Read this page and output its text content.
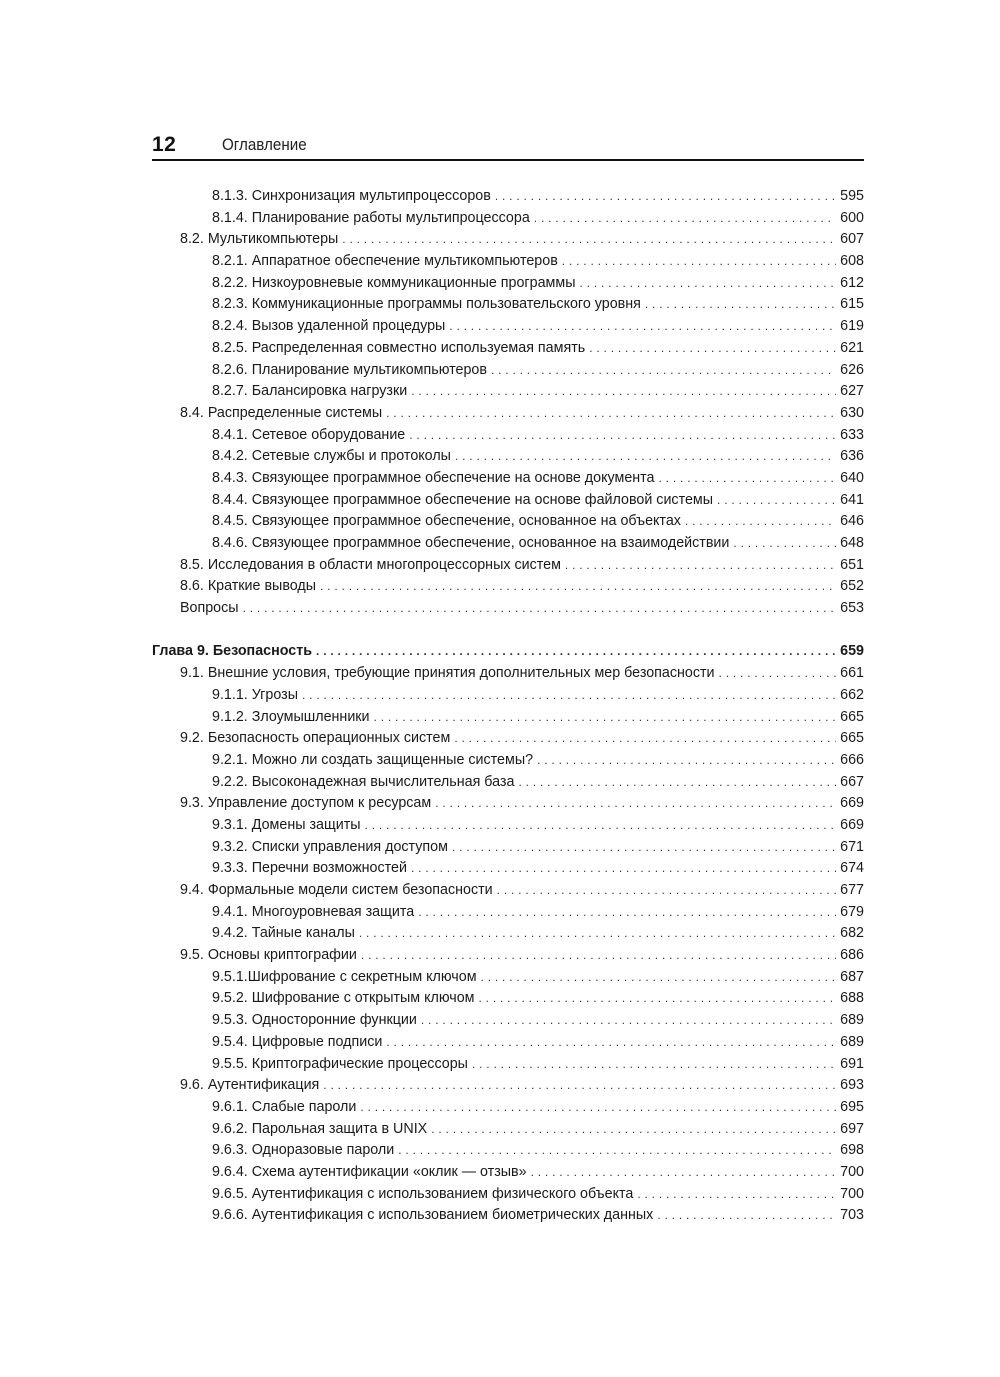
12	Оглавление
8.1.3. Синхронизация мультипроцессоров . . .	595
8.1.4. Планирование работы мультипроцессора . . .	600
8.2. Мультикомпьютеры . . .	607
8.2.1. Аппаратное обеспечение мультикомпьютеров . . .	608
8.2.2. Низкоуровневые коммуникационные программы . . .	612
8.2.3. Коммуникационные программы пользовательского уровня . . .	615
8.2.4. Вызов удаленной процедуры . . .	619
8.2.5. Распределенная совместно используемая память . . .	621
8.2.6. Планирование мультикомпьютеров . . .	626
8.2.7. Балансировка нагрузки . . .	627
8.4. Распределенные системы . . .	630
8.4.1. Сетевое оборудование . . .	633
8.4.2. Сетевые службы и протоколы . . .	636
8.4.3. Связующее программное обеспечение на основе документа . . .	640
8.4.4. Связующее программное обеспечение на основе файловой системы . . .	641
8.4.5. Связующее программное обеспечение, основанное на объектах . . .	646
8.4.6. Связующее программное обеспечение, основанное на взаимодействии . . .	648
8.5. Исследования в области многопроцессорных систем . . .	651
8.6. Краткие выводы . . .	652
Вопросы . . .	653
Глава 9. Безопасность . . .	659
9.1. Внешние условия, требующие принятия дополнительных мер безопасности . . .	661
9.1.1. Угрозы . . .	662
9.1.2. Злоумышленники . . .	665
9.2. Безопасность операционных систем . . .	665
9.2.1. Можно ли создать защищенные системы? . . .	666
9.2.2. Высоконадежная вычислительная база . . .	667
9.3. Управление доступом к ресурсам . . .	669
9.3.1. Домены защиты . . .	669
9.3.2. Списки управления доступом . . .	671
9.3.3. Перечни возможностей . . .	674
9.4. Формальные модели систем безопасности . . .	677
9.4.1. Многоуровневая защита . . .	679
9.4.2. Тайные каналы . . .	682
9.5. Основы криптографии . . .	686
9.5.1.Шифрование с секретным ключом . . .	687
9.5.2. Шифрование с открытым ключом . . .	688
9.5.3. Односторонние функции . . .	689
9.5.4. Цифровые подписи . . .	689
9.5.5. Криптографические процессоры . . .	691
9.6. Аутентификация . . .	693
9.6.1. Слабые пароли . . .	695
9.6.2. Парольная защита в UNIX . . .	697
9.6.3. Одноразовые пароли . . .	698
9.6.4. Схема аутентификации «оклик — отзыв» . . .	700
9.6.5. Аутентификация с использованием физического объекта . . .	700
9.6.6. Аутентификация с использованием биометрических данных . . .	703
